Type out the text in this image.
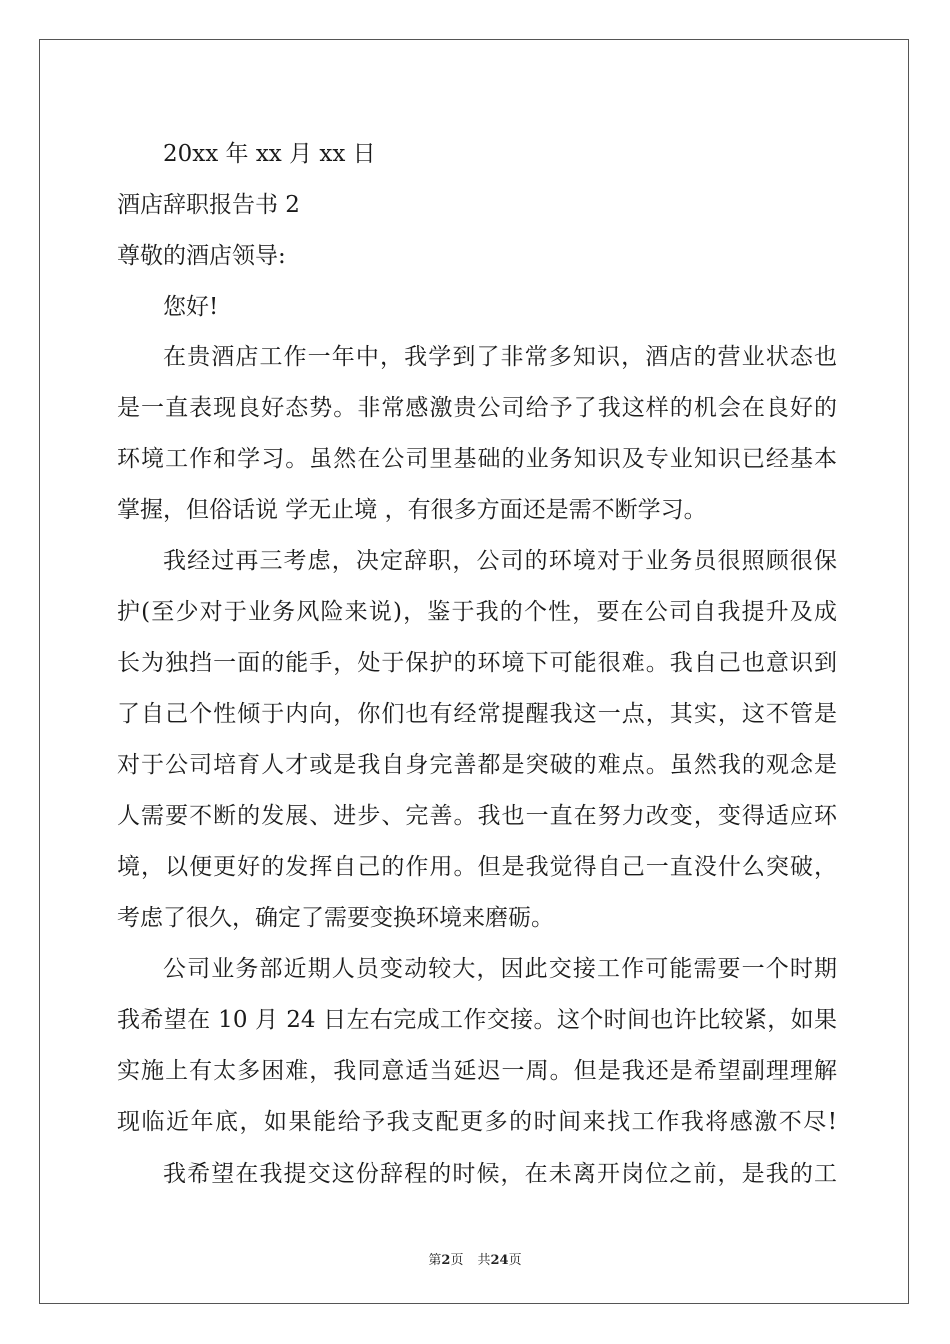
20xx 年 xx 月 xx 日
酒店辞职报告书 2
尊敬的酒店领导:
您好!
在贵酒店工作一年中，我学到了非常多知识，酒店的营业状态也
是一直表现良好态势。非常感激贵公司给予了我这样的机会在良好的
环境工作和学习。虽然在公司里基础的业务知识及专业知识已经基本
掌握，但俗话说 学无止境 ，有很多方面还是需不断学习。
我经过再三考虑，决定辞职，公司的环境对于业务员很照顾很保
护(至少对于业务风险来说)，鉴于我的个性，要在公司自我提升及成
长为独挡一面的能手，处于保护的环境下可能很难。我自己也意识到
了自己个性倾于内向，你们也有经常提醒我这一点，其实，这不管是
对于公司培育人才或是我自身完善都是突破的难点。虽然我的观念是
人需要不断的发展、进步、完善。我也一直在努力改变，变得适应环
境，以便更好的发挥自己的作用。但是我觉得自己一直没什么突破，
考虑了很久，确定了需要变换环境来磨砺。
公司业务部近期人员变动较大，因此交接工作可能需要一个时期
我希望在 10 月 24 日左右完成工作交接。这个时间也许比较紧，如果
实施上有太多困难，我同意适当延迟一周。但是我还是希望副理理解
现临近年底，如果能给予我支配更多的时间来找工作我将感激不尽!
我希望在我提交这份辞程的时候，在未离开岗位之前，是我的工
第2页 共24页
